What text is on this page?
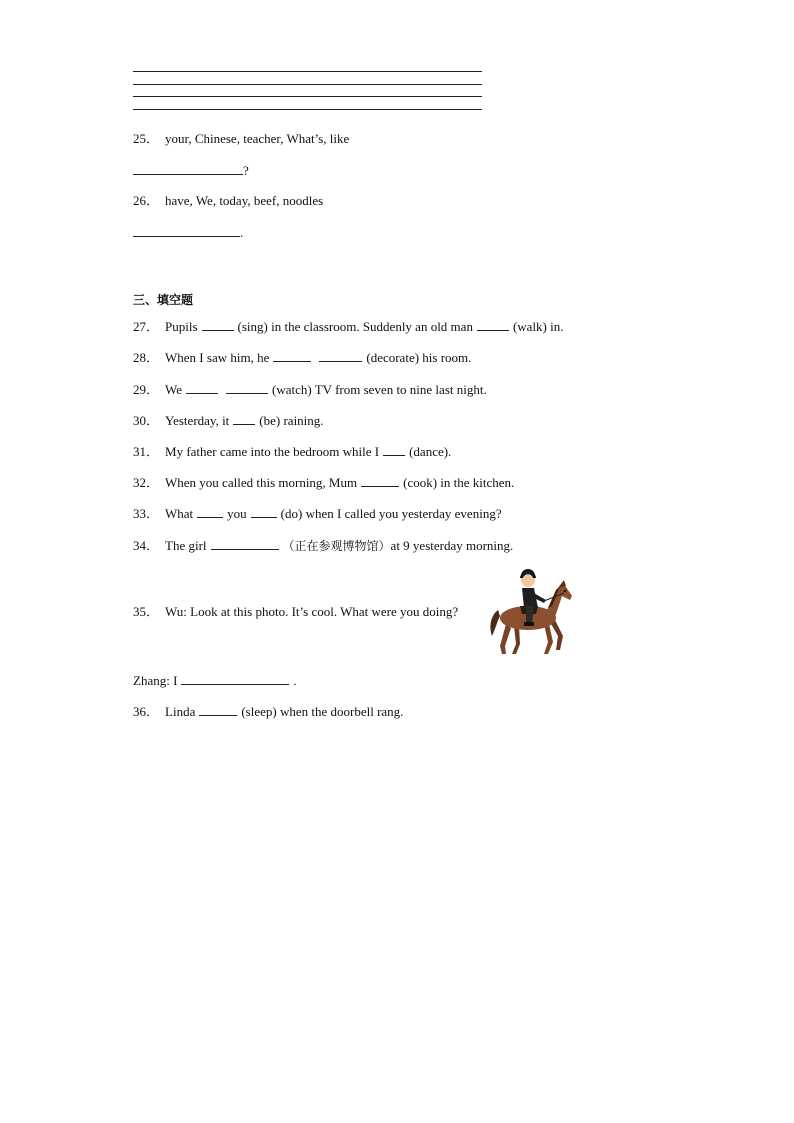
25． your, Chinese, teacher, What’s, like
?
26． have, We, today, beef, noodles
.
三、填空题
27． Pupils	(sing) in the classroom. Suddenly an old man	(walk) in.
28． When I saw him, he	(decorate) his room.
29． We	(watch) TV from seven to nine last night.
30． Yesterday, it (be) raining.
31． My father came into the bedroom while I (dance).
32． When you called this morning, Mum	(cook) in the kitchen.
33． What	you	(do) when I called you yesterday evening?
34． The girl	（正在参观博物馆）at 9 yesterday morning.
35． Wu: Look at this photo. It’s cool. What were you doing?
Zhang: I	.
36． Linda	(sleep) when the doorbell rang.
